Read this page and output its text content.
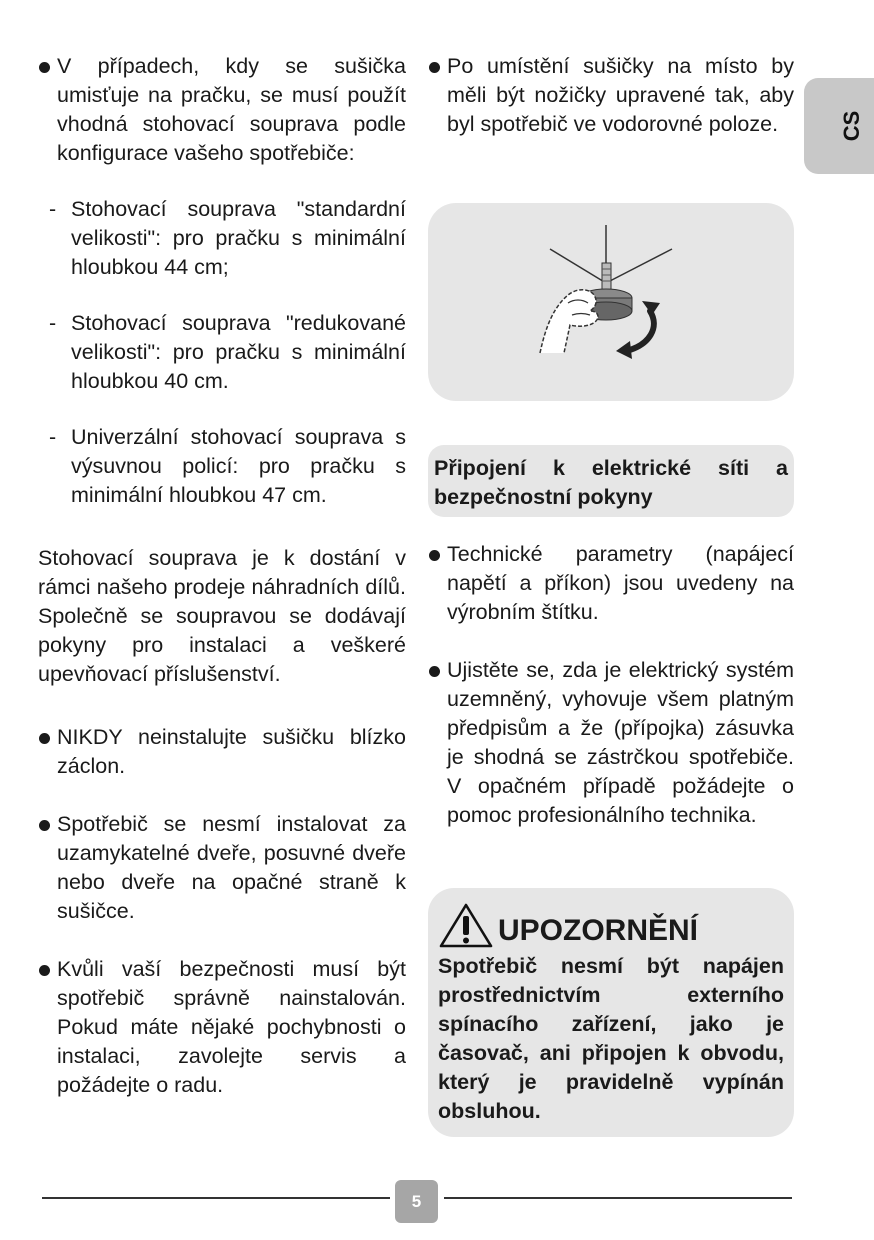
CS
V případech, kdy se sušička umisťuje na pračku, se musí použít vhodná stohovací souprava podle konfigurace vašeho spotřebiče:
- Stohovací souprava "standardní velikosti": pro pračku s minimální hloubkou 44 cm;
- Stohovací souprava "redukované velikosti": pro pračku s minimální hloubkou 40 cm.
- Univerzální stohovací souprava s výsuvnou policí: pro pračku s minimální hloubkou 47 cm.

Stohovací souprava je k dostání v rámci našeho prodeje náhradních dílů. Společně se soupravou se dodávají pokyny pro instalaci a veškeré upevňovací příslušenství.

NIKDY neinstalujte sušičku blízko záclon.
Spotřebič se nesmí instalovat za uzamykatelné dveře, posuvné dveře nebo dveře na opačné straně k sušičce.
Kvůli vaší bezpečnosti musí být spotřebič správně nainstalován. Pokud máte nějaké pochybnosti o instalaci, zavolejte servis a požádejte o radu.
Po umístění sušičky na místo by měli být nožičky upravené tak, aby byl spotřebič ve vodorovné poloze.
Připojení k elektrické síti a bezpečnostní pokyny
Technické parametry (napájecí napětí a příkon) jsou uvedeny na výrobním štítku.
Ujistěte se, zda je elektrický systém uzemněný, vyhovuje všem platným předpisům a že (přípojka) zásuvka je shodná se zástrčkou spotřebiče. V opačném případě požádejte o pomoc profesionálního technika.
UPOZORNĚNÍ
Spotřebič nesmí být napájen prostřednictvím externího spínacího zařízení, jako je časovač, ani připojen k obvodu, který je pravidelně vypínán obsluhou.
5
